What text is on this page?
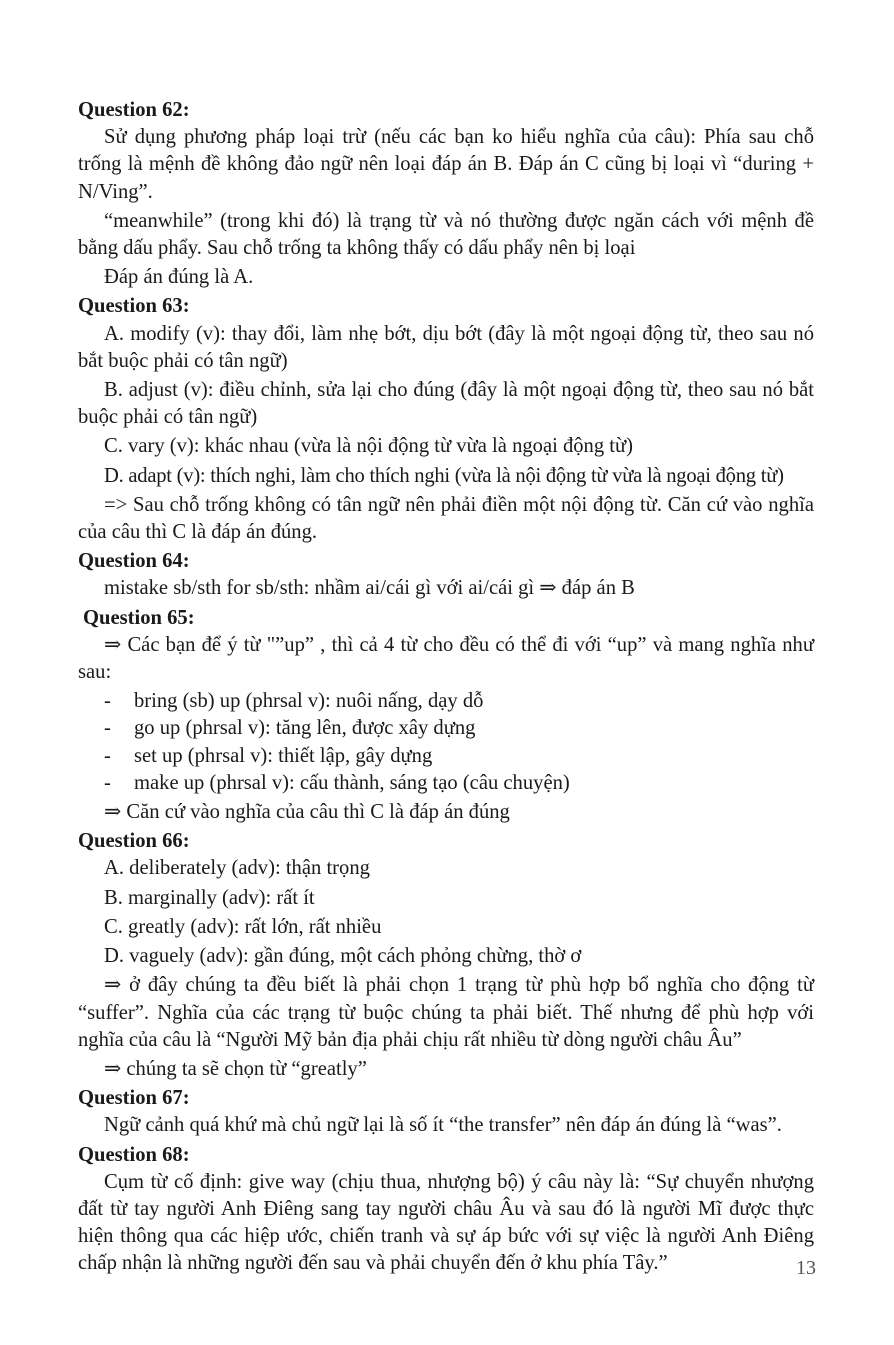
Question 62:

Sử dụng phương pháp loại trừ (nếu các bạn ko hiểu nghĩa của câu): Phía sau chỗ trống là mệnh đề không đảo ngữ nên loại đáp án B. Đáp án C cũng bị loại vì “during + N/Ving”.

“meanwhile” (trong khi đó) là trạng từ và nó thường được ngăn cách với mệnh đề bằng dấu phẩy. Sau chỗ trống ta không thấy có dấu phẩy nên bị loại

Đáp án đúng là A.

Question 63:

A. modify (v): thay đổi, làm nhẹ bớt, dịu bớt (đây là một ngoại động từ, theo sau nó bắt buộc phải có tân ngữ)

B. adjust (v): điều chỉnh, sửa lại cho đúng (đây là một ngoại động từ, theo sau nó bắt buộc phải có tân ngữ)

C. vary (v): khác nhau (vừa là nội động từ vừa là ngoại động từ)

D. adapt (v): thích nghi, làm cho thích nghi (vừa là nội động từ vừa là ngoại động từ)

=> Sau chỗ trống không có tân ngữ nên phải điền một nội động từ. Căn cứ vào nghĩa của câu thì C là đáp án đúng.

Question 64:

mistake sb/sth for sb/sth: nhầm ai/cái gì với ai/cái gì ⇒ đáp án B

Question 65:

⇒ Các bạn để ý từ "”up” , thì cả 4 từ cho đều có thể đi với “up” và mang nghĩa như sau:

- bring (sb) up (phrsal v): nuôi nấng, dạy dỗ
- go up (phrsal v): tăng lên, được xây dựng
- set up (phrsal v): thiết lập, gây dựng
- make up (phrsal v): cấu thành, sáng tạo (câu chuyện)

⇒ Căn cứ vào nghĩa của câu thì C là đáp án đúng

Question 66:

A. deliberately (adv): thận trọng

B. marginally (adv): rất ít

C. greatly (adv): rất lớn, rất nhiều

D. vaguely (adv): gần đúng, một cách phỏng chừng, thờ ơ

⇒ ở đây chúng ta đều biết là phải chọn 1 trạng từ phù hợp bổ nghĩa cho động từ “suffer”. Nghĩa của các trạng từ buộc chúng ta phải biết. Thế nhưng để phù hợp với nghĩa của câu là “Người Mỹ bản địa phải chịu rất nhiều từ dòng người châu Âu”

⇒ chúng ta sẽ chọn từ “greatly”

Question 67:

Ngữ cảnh quá khứ mà chủ ngữ lại là số ít “the transfer” nên đáp án đúng là “was”.

Question 68:

Cụm từ cố định: give way (chịu thua, nhượng bộ) ý câu này là: “Sự chuyển nhượng đất từ tay người Anh Điêng sang tay người châu Âu và sau đó là người Mĩ được thực hiện thông qua các hiệp ước, chiến tranh và sự áp bức với sự việc là người Anh Điêng chấp nhận là những người đến sau và phải chuyển đến ở khu phía Tây.”	13
